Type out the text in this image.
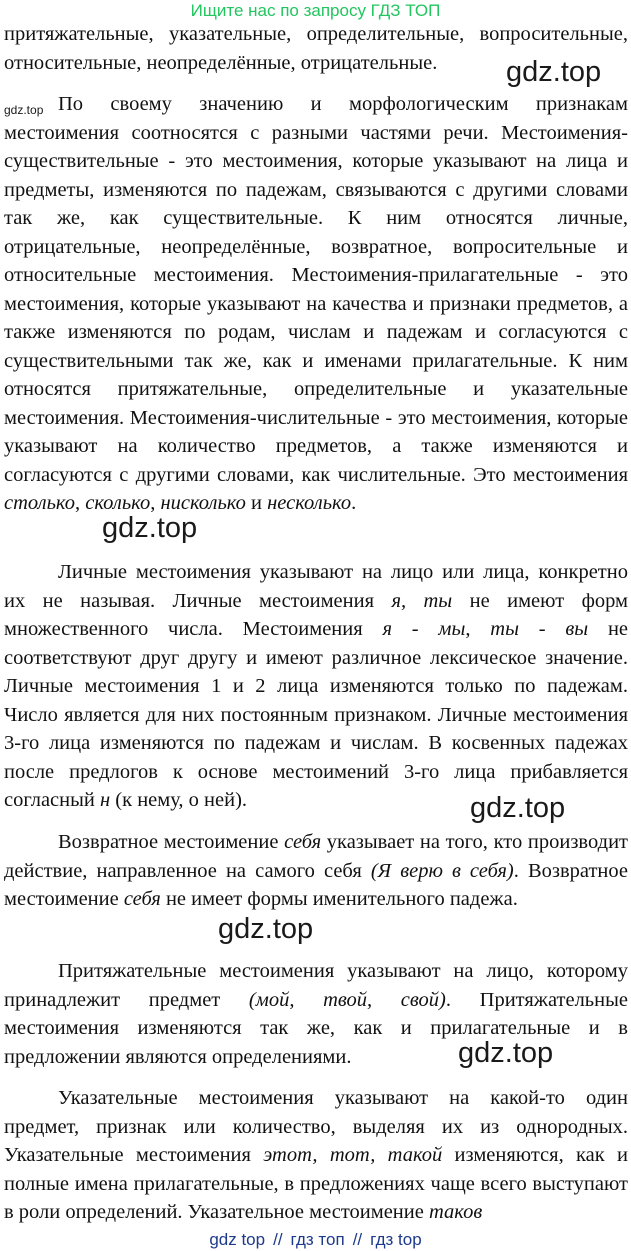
Ищите нас по запросу ГДЗ ТОП

притяжательные, указательные, определительные, вопросительные, относительные, неопределённые, отрицательные.	gdz.top
gdz.top По своему значению и морфологическим признакам местоимения соотносятся с разными частями речи. Местоимения-существительные - это местоимения, которые указывают на лица и предметы, изменяются по падежам, связываются с другими словами так же, как существительные. К ним относятся личные, отрицательные, неопределённые, возвратное, вопросительные и относительные местоимения. Местоимения-прилагательные - это местоимения, которые указывают на качества и признаки предметов, а также изменяются по родам, числам и падежам и согласуются с существительными так же, как и именами прилагательные. К ним относятся притяжательные, определительные и указательные местоимения. Местоимения-числительные - это местоимения, которые указывают на количество предметов, а также изменяются и согласуются с другими словами, как числительные. Это местоимения столько, сколько, нисколько и несколько.

gdz.top

Личные местоимения указывают на лицо или лица, конкретно их не называя. Личные местоимения я, ты не имеют форм множественного числа. Местоимения я - мы, ты - вы не соответствуют друг другу и имеют различное лексическое значение. Личные местоимения 1 и 2 лица изменяются только по падежам. Число является для них постоянным признаком. Личные местоимения 3-го лица изменяются по падежам и числам. В косвенных падежах после предлогов к основе местоимений 3-го лица прибавляется согласный н (к нему, о ней).	gdz.top

Возвратное местоимение себя указывает на того, кто производит действие, направленное на самого себя (Я верю в себя). Возвратное местоимение себя не имеет формы именительного падежа.

gdz.top

Притяжательные местоимения указывают на лицо, которому принадлежит предмет (мой, твой, свой). Притяжательные местоимения изменяются так же, как и прилагательные и в предложении являются определениями.	gdz.top

Указательные местоимения указывают на какой-то один предмет, признак или количество, выделяя их из однородных. Указательные местоимения этот, тот, такой изменяются, как и полные имена прилагательные, в предложениях чаще всего выступают в роли определений. Указательное местоимение таков

gdz top // гдз топ // гдз top
